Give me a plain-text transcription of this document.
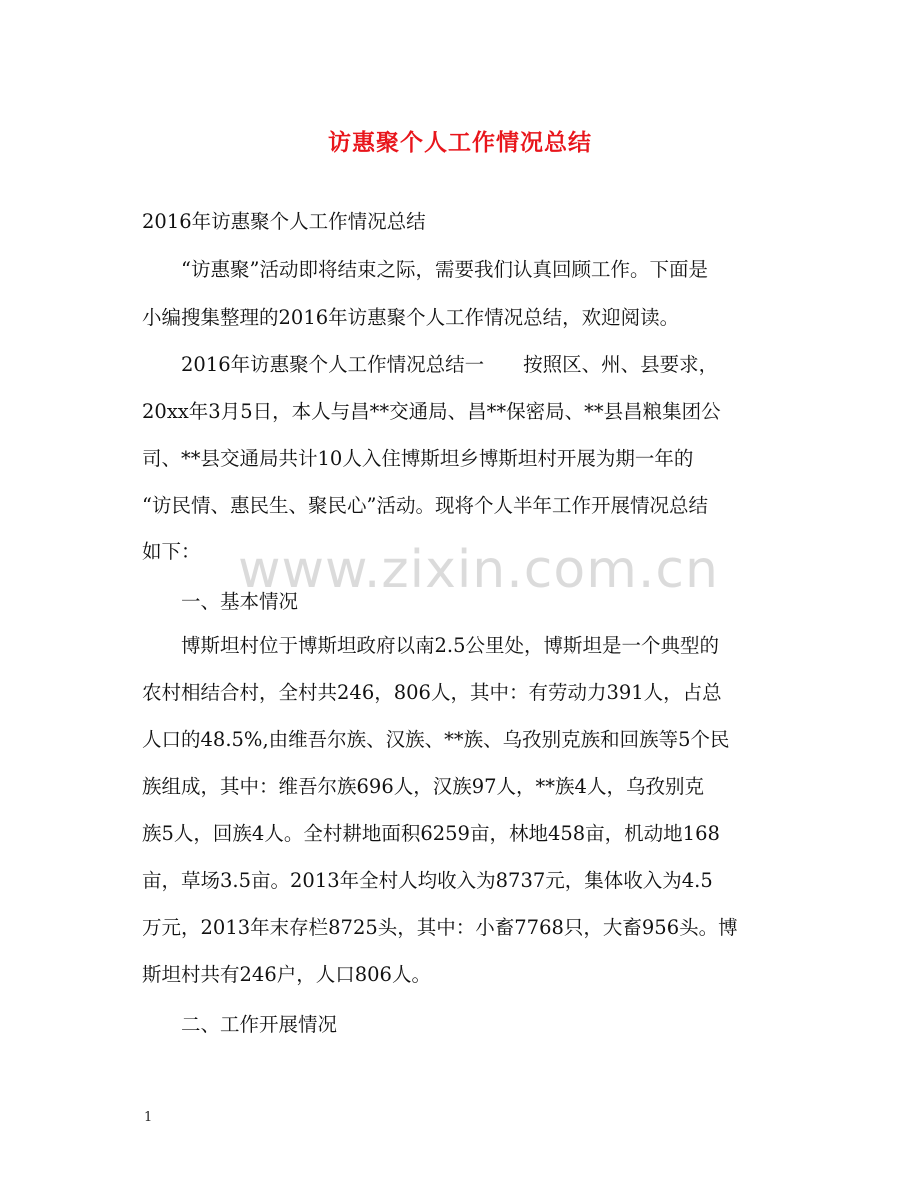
访惠聚个人工作情况总结
2016年访惠聚个人工作情况总结
　　“访惠聚”活动即将结束之际，需要我们认真回顾工作。下面是
小编搜集整理的2016年访惠聚个人工作情况总结，欢迎阅读。
　　2016年访惠聚个人工作情况总结一　　按照区、州、县要求，
20xx年3月5日，本人与昌**交通局、昌**保密局、**县昌粮集团公
司、**县交通局共计10人入住博斯坦乡博斯坦村开展为期一年的
“访民情、惠民生、聚民心”活动。现将个人半年工作开展情况总结
如下：
　　一、基本情况
　　博斯坦村位于博斯坦政府以南2.5公里处，博斯坦是一个典型的
农村相结合村，全村共246，806人，其中：有劳动力391人，占总
人口的48.5%,由维吾尔族、汉族、**族、乌孜别克族和回族等5个民
族组成，其中：维吾尔族696人，汉族97人，**族4人，乌孜别克
族5人，回族4人。全村耕地面积6259亩，林地458亩，机动地168
亩，草场3.5亩。2013年全村人均收入为8737元，集体收入为4.5
万元，2013年末存栏8725头，其中：小畜7768只，大畜956头。博
斯坦村共有246户，人口806人。
　　二、工作开展情况
www.zixin.com.cn
1
